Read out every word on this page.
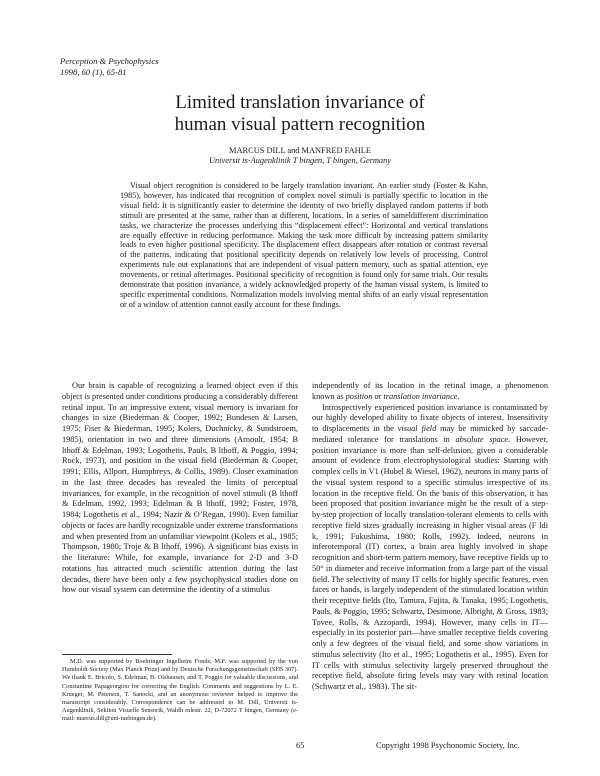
Perception & Psychophysics
1998, 60 (1), 65-81
Limited translation invariance of
human visual pattern recognition
MARCUS DILL and MANFRED FAHLE
Universit ts-Augenklinik T bingen, T bingen, Germany
Visual object recognition is considered to be largely translation invariant. An earlier study (Foster & Kahn, 1985), however, has indicated that recognition of complex novel stimuli is partially specific to location in the visual field: It is significantly easier to determine the identity of two briefly displayed random patterns if both stimuli are presented at the same, rather than at different, locations. In a series of sameldifferent discrimination tasks, we characterize the processes underlying this “displacement effect”: Horizontal and vertical translations are equally effective in reducing performance. Making the task more difficult by increasing pattern similarity leads to even higher positional specificity. The displacement effect disappears after rotation or contrast reversal of the patterns, indicating that positional specificity depends on relatively low levels of processing. Control experiments rule out explanations that are independent of visual pattern memory, such as spatial attention, eye movements, or retinal afterimages. Positional specificity of recognition is found only for same trials. Our results demonstrate that position invariance, a widely acknowledged property of the human visual system, is limited to specific experimental conditions. Normalization models involving mental shifts of an early visual representation or of a window of attention cannot easily account for these findings.

Our brain is capable of recognizing a learned object even if this object is presented under conditions producing a considerably different retinal input. To an impressive extent, visual memory is invariant for changes in size (Biederman & Cooper, 1992; Bundesen & Larsen, 1975; Fiser & Biederman, 1995; Kolers, Duchnicky, & Sundstroem, 1985), orientation in two and three dimensions (Arnoult, 1954; B lthoff & Edelman, 1993; Logothetis, Pauls, B lthoff, & Poggio, 1994; Rock, 1973), and position in the visual field (Biederman & Cooper, 1991; Ellis, Allport, Humphreys, & Collis, 1989). Closer examination in the last three decades has revealed the limits of perceptual invariances, for example, in the recognition of novel stimuli (B lthoff & Edelman, 1992, 1993; Edelman & B lthoff, 1992; Foster, 1978, 1984; Logothetis et al., 1994; Nazir & O’Regan, 1990). Even familiar objects or faces are hardly recognizable under extreme transformations and when presented from an unfamiliar viewpoint (Kolers et al., 1985; Thompson, 1980; Troje & B lthoff, 1996). A significant bias exists in the literature: While, for example, invariance for 2-D and 3-D rotations has attracted much scientific attention during the last decades, there have been only a few psychophysical studies done on how our visual system can determine the identity of a stimulus

M.D. was supported by Boehringer Ingelheim Fonds; M.F. was supported by the von Humboldt Society (Max Planck Prize) and by Deutsche Forschungsgemeinschaft (SFB 307). We thank E. Bricolo, S. Edelman, B. Olshausen, and T. Poggio for valuable discussions, and Constantine Papageorgiou for correcting the English. Comments and suggestions by L. E. Krueger, M. Peterson, T. Sanocki, and an anonymous reviewer helped to improve the manuscript considerably. Correspondence can be addressed to M. Dill, Universit ts-Augenklinik, Sektion Visuelle Sensorik, Waldh rnlestr. 22, D-72072 T bingen, Germany (e-mail: marcus.dill@uni-tuebingen.de).

independently of its location in the retinal image, a phenomenon known as position or translation invariance.

Introspectively experienced position invariance is contaminated by our highly developed ability to fixate objects of interest. Insensitivity to displacements in the visual field may be mimicked by saccade-mediated tolerance for translations in absolute space. However, position invariance is more than self-delusion, given a considerable amount of evidence from electrophysiological studies: Starting with complex cells in V1 (Hubel & Wiesel, 1962), neurons in many parts of the visual system respond to a specific stimulus irrespective of its location in the receptive field. On the basis of this observation, it has been proposed that position invariance might be the result of a step-by-step projection of locally translation-tolerant elements to cells with receptive field sizes gradually increasing in higher visual areas (F ldi k, 1991; Fukushima, 1980; Rolls, 1992). Indeed, neurons in inferotemporal (IT) cortex, a brain area highly involved in shape recognition and short-term pattern memory, have receptive fields up to 50° in diameter and receive information from a large part of the visual field. The selectivity of many IT cells for highly specific features, even faces or hands, is largely independent of the stimulated location within their receptive fields (Ito, Tamura, Fujita, & Tanaka, 1995; Logothetis, Pauls, & Poggio, 1995; Schwartz, Desimone, Albright, & Gross, 1983; Tovee, Rolls, & Azzopardi, 1994). However, many cells in IT—especially in its posterior part—have smaller receptive fields covering only a few degrees of the visual field, and some show variations in stimulus selectivity (Ito et al., 1995; Logothetis et al., 1995). Even for IT cells with stimulus selectivity largely preserved throughout the receptive field, absolute firing levels may vary with retinal location (Schwartz et al., 1983). The sit-

65	Copyright 1998 Psychonomic Society, Inc.
